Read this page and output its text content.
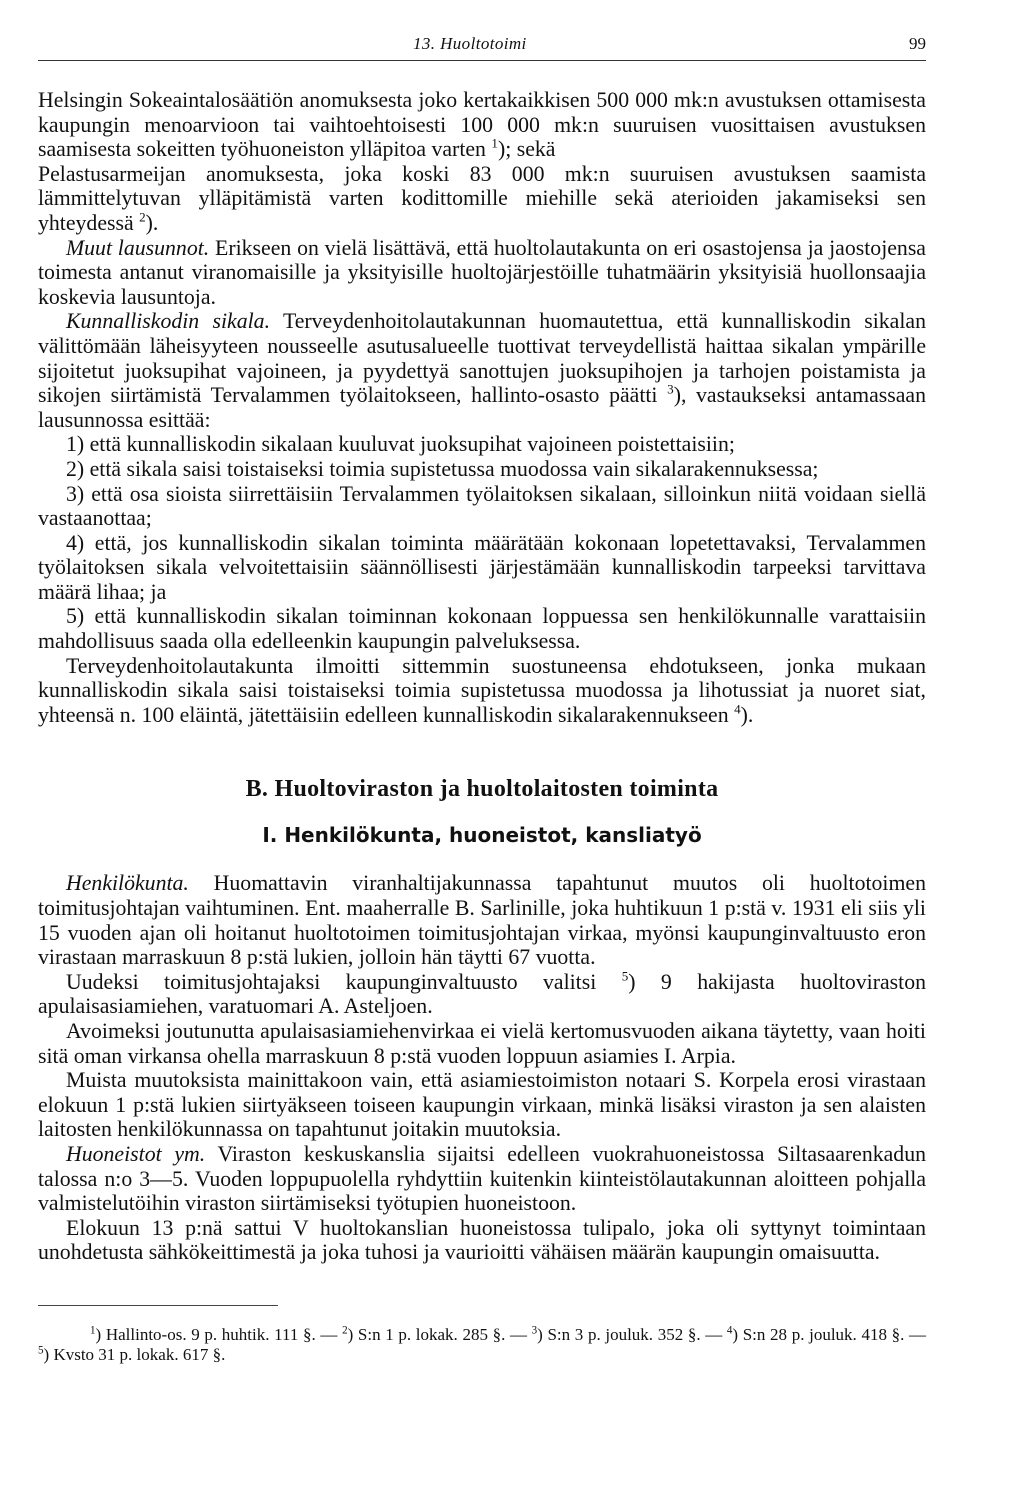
13. Huoltotoimi	99

Helsingin Sokeaintalosäätiön anomuksesta joko kertakaikkisen 500 000 mk:n avustuksen ottamisesta kaupungin menoarvioon tai vaihtoehtoisesti 100 000 mk:n suuruisen vuosittaisen avustuksen saamisesta sokeitten työhuoneiston ylläpitoa varten $^1$); sekä

Pelastusarmeijan anomuksesta, joka koski 83 000 mk:n suuruisen avustuksen saamista lämmittelytuvan ylläpitämistä varten kodittomille miehille sekä aterioiden jakamiseksi sen yhteydessä $^2$).

Muut lausunnot. Erikseen on vielä lisättävä, että huoltolautakunta on eri osastojensa ja jaostojensa toimesta antanut viranomaisille ja yksityisille huoltojärjestöille tuhatmäärin yksityisiä huollonsaajia koskevia lausuntoja.

Kunnalliskodin sikala. Terveydenhoitolautakunnan huomautettua, että kunnalliskodin sikalan välittömään läheisyyteen nousseelle asutusalueelle tuottivat terveydellistä haittaa sikalan ympärille sijoitetut juoksupihat vajoineen, ja pyydettyä sanottujen juoksupihojen ja tarhojen poistamista ja sikojen siirtämistä Tervalammen työlaitokseen, hallinto-osasto päätti $^3$), vastaukseksi antamassaan lausunnossa esittää:

1) että kunnalliskodin sikalaan kuuluvat juoksupihat vajoineen poistettaisiin;

2) että sikala saisi toistaiseksi toimia supistetussa muodossa vain sikalarakennuksessa;

3) että osa sioista siirrettäisiin Tervalammen työlaitoksen sikalaan, silloinkun niitä voidaan siellä vastaanottaa;

4) että, jos kunnalliskodin sikalan toiminta määrätään kokonaan lopetettavaksi, Tervalammen työlaitoksen sikala velvoitettaisiin säännöllisesti järjestämään kunnalliskodin tarpeeksi tarvittava määrä lihaa; ja

5) että kunnalliskodin sikalan toiminnan kokonaan loppuessa sen henkilökunnalle varattaisiin mahdollisuus saada olla edelleenkin kaupungin palveluksessa.

Terveydenhoitolautakunta ilmoitti sittemmin suostuneensa ehdotukseen, jonka mukaan kunnalliskodin sikala saisi toistaiseksi toimia supistetussa muodossa ja lihotussiat ja nuoret siat, yhteensä n. 100 eläintä, jätettäisiin edelleen kunnalliskodin sikalarakennukseen $^4$).

B. Huoltoviraston ja huoltolaitosten toiminta
I. Henkilökunta, huoneistot, kansliatyö

Henkilökunta. Huomattavin viranhaltijakunnassa tapahtunut muutos oli huoltotoimen toimitusjohtajan vaihtuminen. Ent. maaherralle B. Sarlinille, joka huhtikuun 1 p:stä v. 1931 eli siis yli 15 vuoden ajan oli hoitanut huoltotoimen toimitusjohtajan virkaa, myönsi kaupunginvaltuusto eron virastaan marraskuun 8 p:stä lukien, jolloin hän täytti 67 vuotta.

Uudeksi toimitusjohtajaksi kaupunginvaltuusto valitsi $^5$) 9 hakijasta huoltoviraston apulaisasiamiehen, varatuomari A. Asteljoen.

Avoimeksi joutunutta apulaisasiamiehenvirkaa ei vielä kertomusvuoden aikana täytetty, vaan hoiti sitä oman virkansa ohella marraskuun 8 p:stä vuoden loppuun asiamies I. Arpia.

Muista muutoksista mainittakoon vain, että asiamiestoimiston notaari S. Korpela erosi virastaan elokuun 1 p:stä lukien siirtyäkseen toiseen kaupungin virkaan, minkä lisäksi viraston ja sen alaisten laitosten henkilökunnassa on tapahtunut joitakin muutoksia.

Huoneistot ym. Viraston keskuskanslia sijaitsi edelleen vuokrahuoneistossa Siltasaarenkadun talossa n:o 3—5. Vuoden loppupuolella ryhdyttiin kuitenkin kiinteistölautakunnan aloitteen pohjalla valmistelutöihin viraston siirtämiseksi työtupien huoneistoon.

Elokuun 13 p:nä sattui V huoltokanslian huoneistossa tulipalo, joka oli syttynyt toimintaan unohdetusta sähkökeittimestä ja joka tuhosi ja vaurioitti vähäisen määrän kaupungin omaisuutta.

$^1$) Hallinto-os. 9 p. huhtik. 111 §. — $^2$) S:n 1 p. lokak. 285 §. — $^3$) S:n 3 p. jouluk. 352 §. — $^4$) S:n 28 p. jouluk. 418 §. — $^5$) Kvsto 31 p. lokak. 617 §.
